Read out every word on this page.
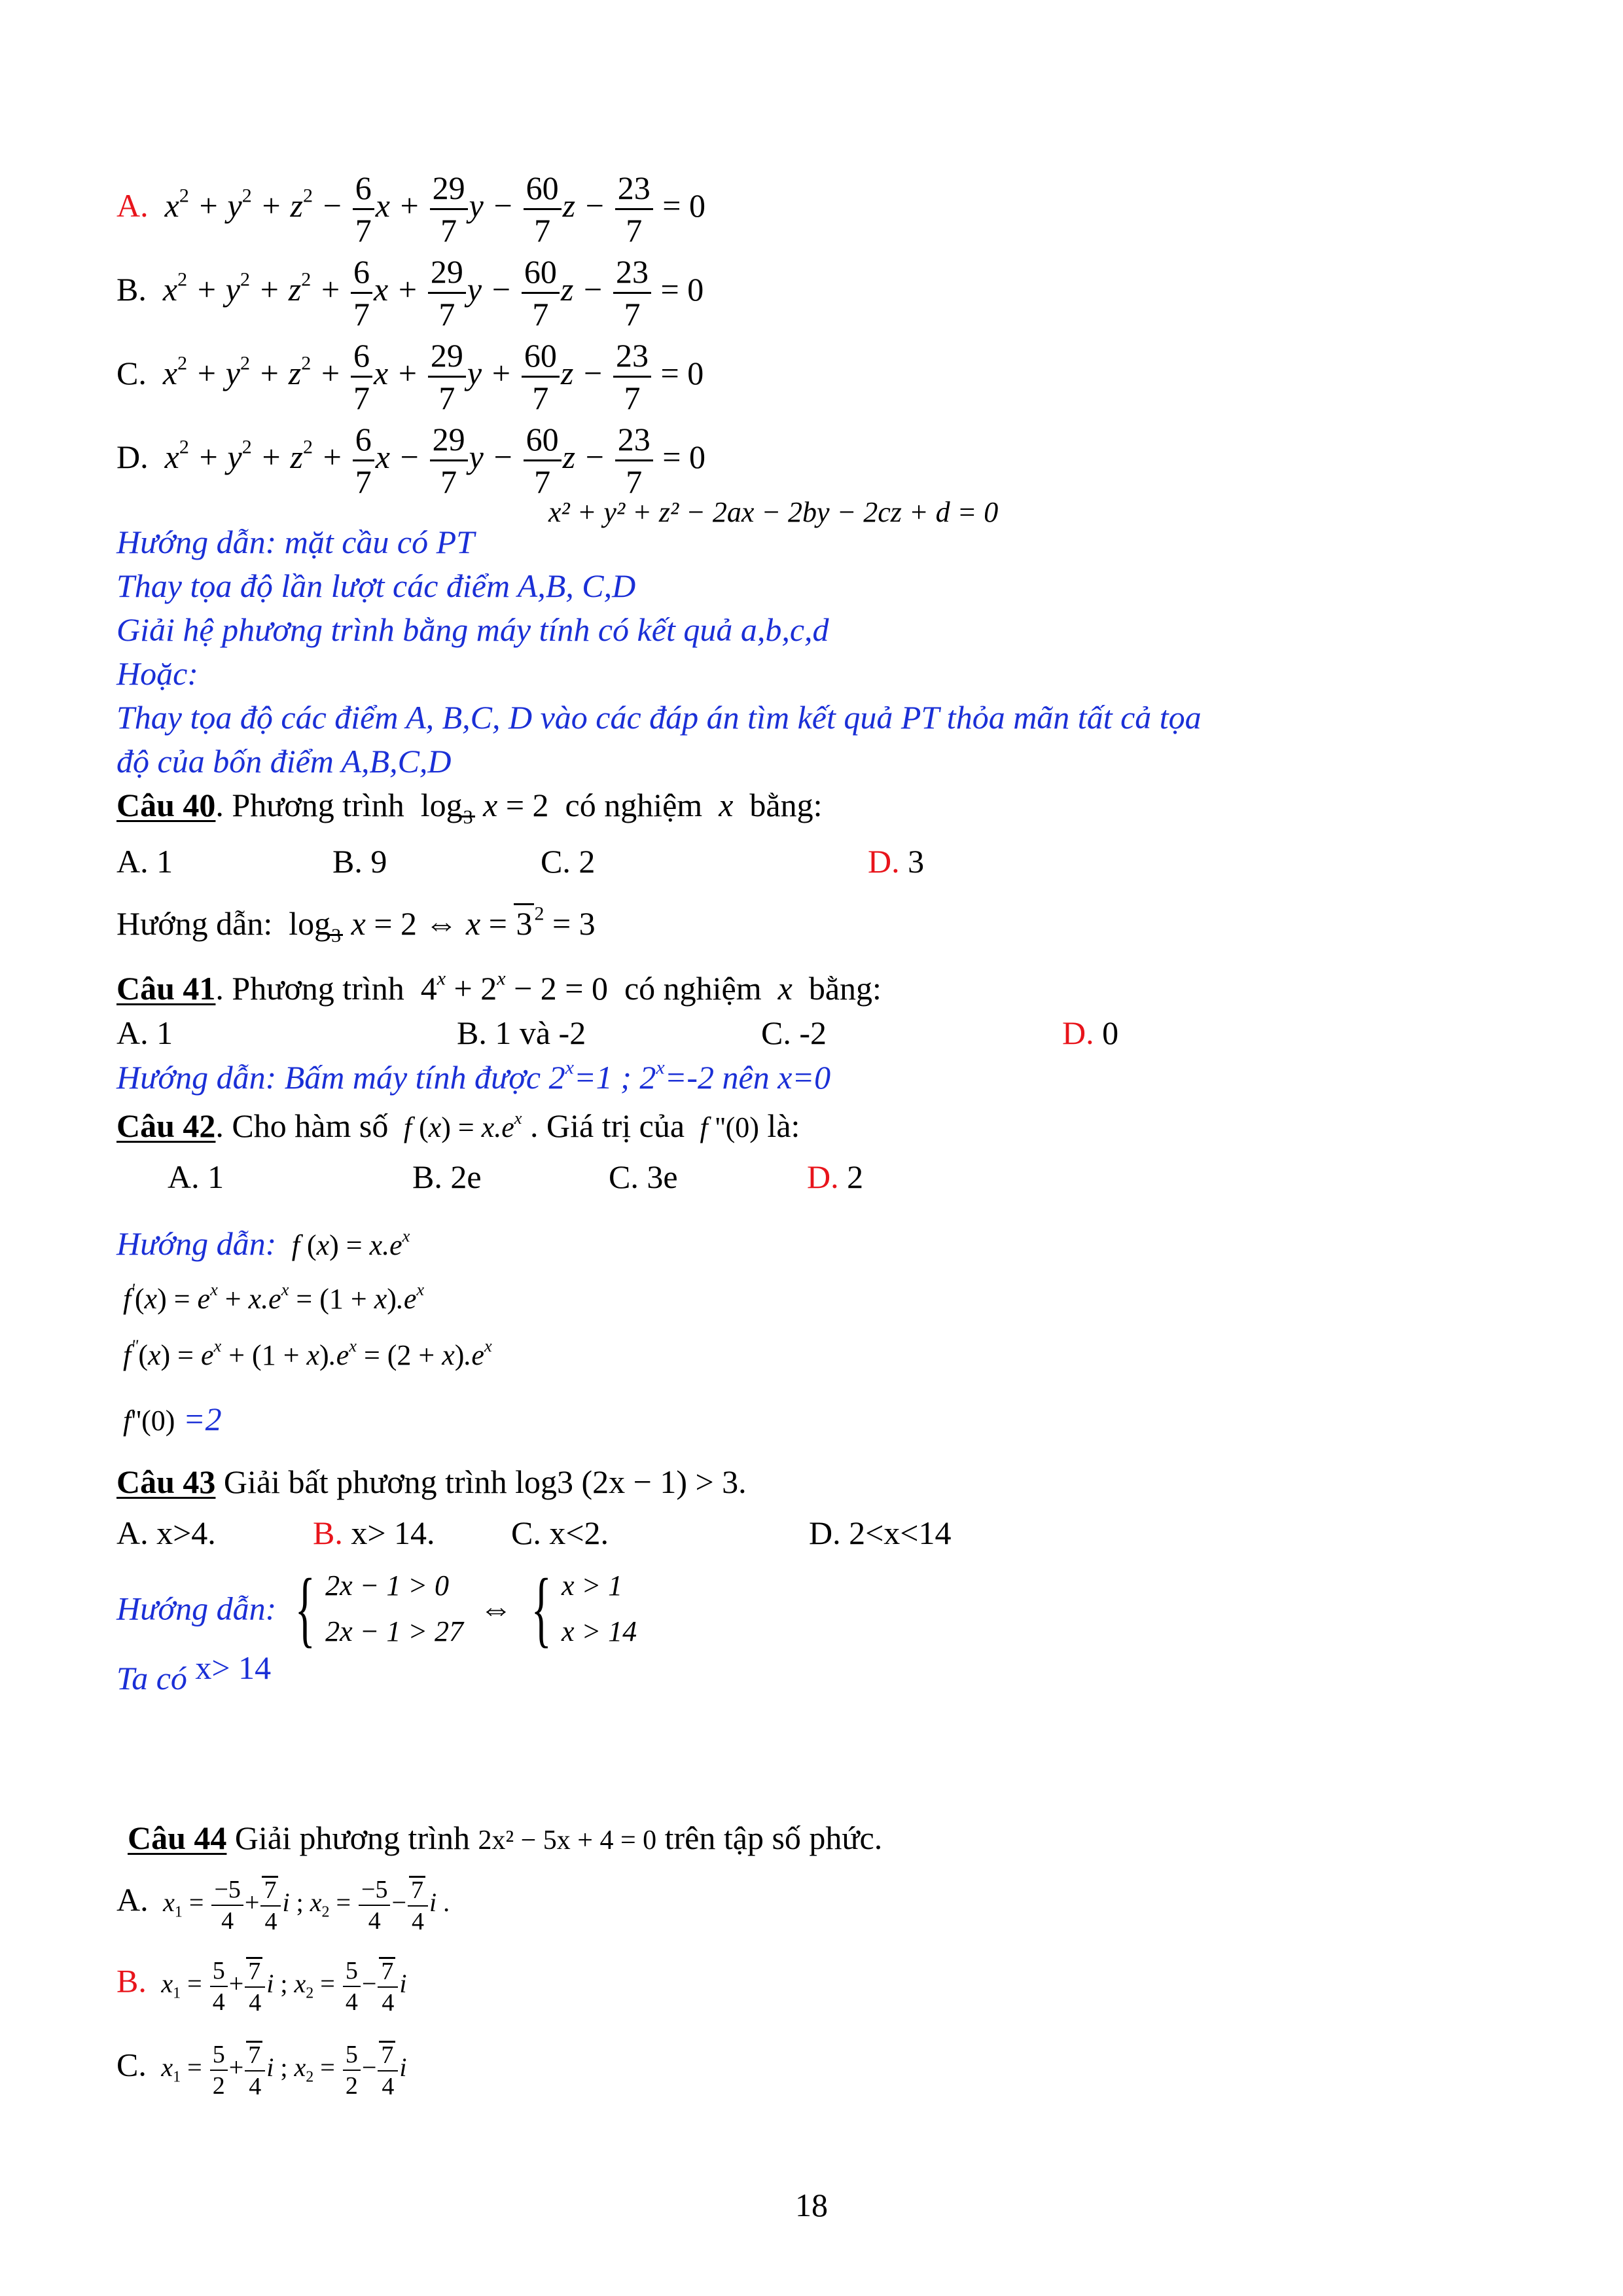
A.  $x^2 + y^2 + z^2 - \frac{6}{7}$ $x + \frac{29}{7}$ $y - \frac{60}{7}$ $z - \frac{23}{7} = 0$
B.  $x^2 + y^2 + z^2 + \frac{6}{7}$ $x + \frac{29}{7}$ $y - \frac{60}{7}$ $z - \frac{23}{7} = 0$
C.  $x^2 + y^2 + z^2 + \frac{6}{7}$ $x + \frac{29}{7}$ $y + \frac{60}{7}$ $z - \frac{23}{7} = 0$
D.  $x^2 + y^2 + z^2 + \frac{6}{7}$ $x - \frac{29}{7}$ $y - \frac{60}{7}$ $z - \frac{23}{7} = 0$
x² + y² + z² − 2ax − 2by − 2cz + d = 0
Hướng dẫn: mặt cầu có PT
Thay tọa độ lần lượt các điểm A,B, C,D
Giải hệ phương trình bằng máy tính có kết quả a,b,c,d
Hoặc:
Thay tọa độ các điểm A, B,C, D vào các đáp án tìm kết quả PT thỏa mãn tất cả tọa
độ của bốn điểm A,B,C,D
Câu 40. Phương trình $\log_3 x = 2$ có nghiệm  x  bằng:
A. 1	B. 9	C. 2	D. 3
Hướng dẫn: $\log_3 x = 2$ ⇔ x = 3 $^2$ = 3
Câu 41. Phương trình $4^x + 2^x - 2 = 0$ có nghiệm  x  bằng:
A. 1	B. 1 và -2	C. -2	D. 0
Hướng dẫn: Bấm máy tính được $2^x=1$ ; $2^x=-2$ nên x=0
Câu 42. Cho hàm số  f $(x) = x.e^x$ . Giá trị của  f ''(0) là:
A. 1	B. 2e	C. 3e	D. 2
Hướng dẫn:  f $(x) = x.e^x$
$f'(x) = e^x + x.e^x = (1 + x).e^x$
$f^"(x) = e^x + (1 + x).e^x = (2 + x).e^x$
f''(0) =2
Câu 43 Giải bất phương trình log3 (2x − 1) > 3.
A. x>4.	B. x> 14. C. x<2.	D. 2<x<14
Hướng dẫn: { 2x − 1 > 0
2x − 1 > 27  ⇔ { x > 1
x > 14
Ta có x> 14
Câu 44 Giải phương trình 2x² − 5x + 4 = 0 trên tập số phức.
A.  $x_1 = \frac{-5}{4} + \frac{7}{4}$ i ; $x_2 = \frac{-5}{4} - \frac{7}{4}$ i .
B.  $x_1 = \frac{5}{4} + \frac{7}{4}$ i ; $x_2 = \frac{5}{4} - \frac{7}{4}$ i
C.  $x_1 = \frac{5}{2} + \frac{7}{4}$ i ; $x_2 = \frac{5}{2} - \frac{7}{4}$ i
18
